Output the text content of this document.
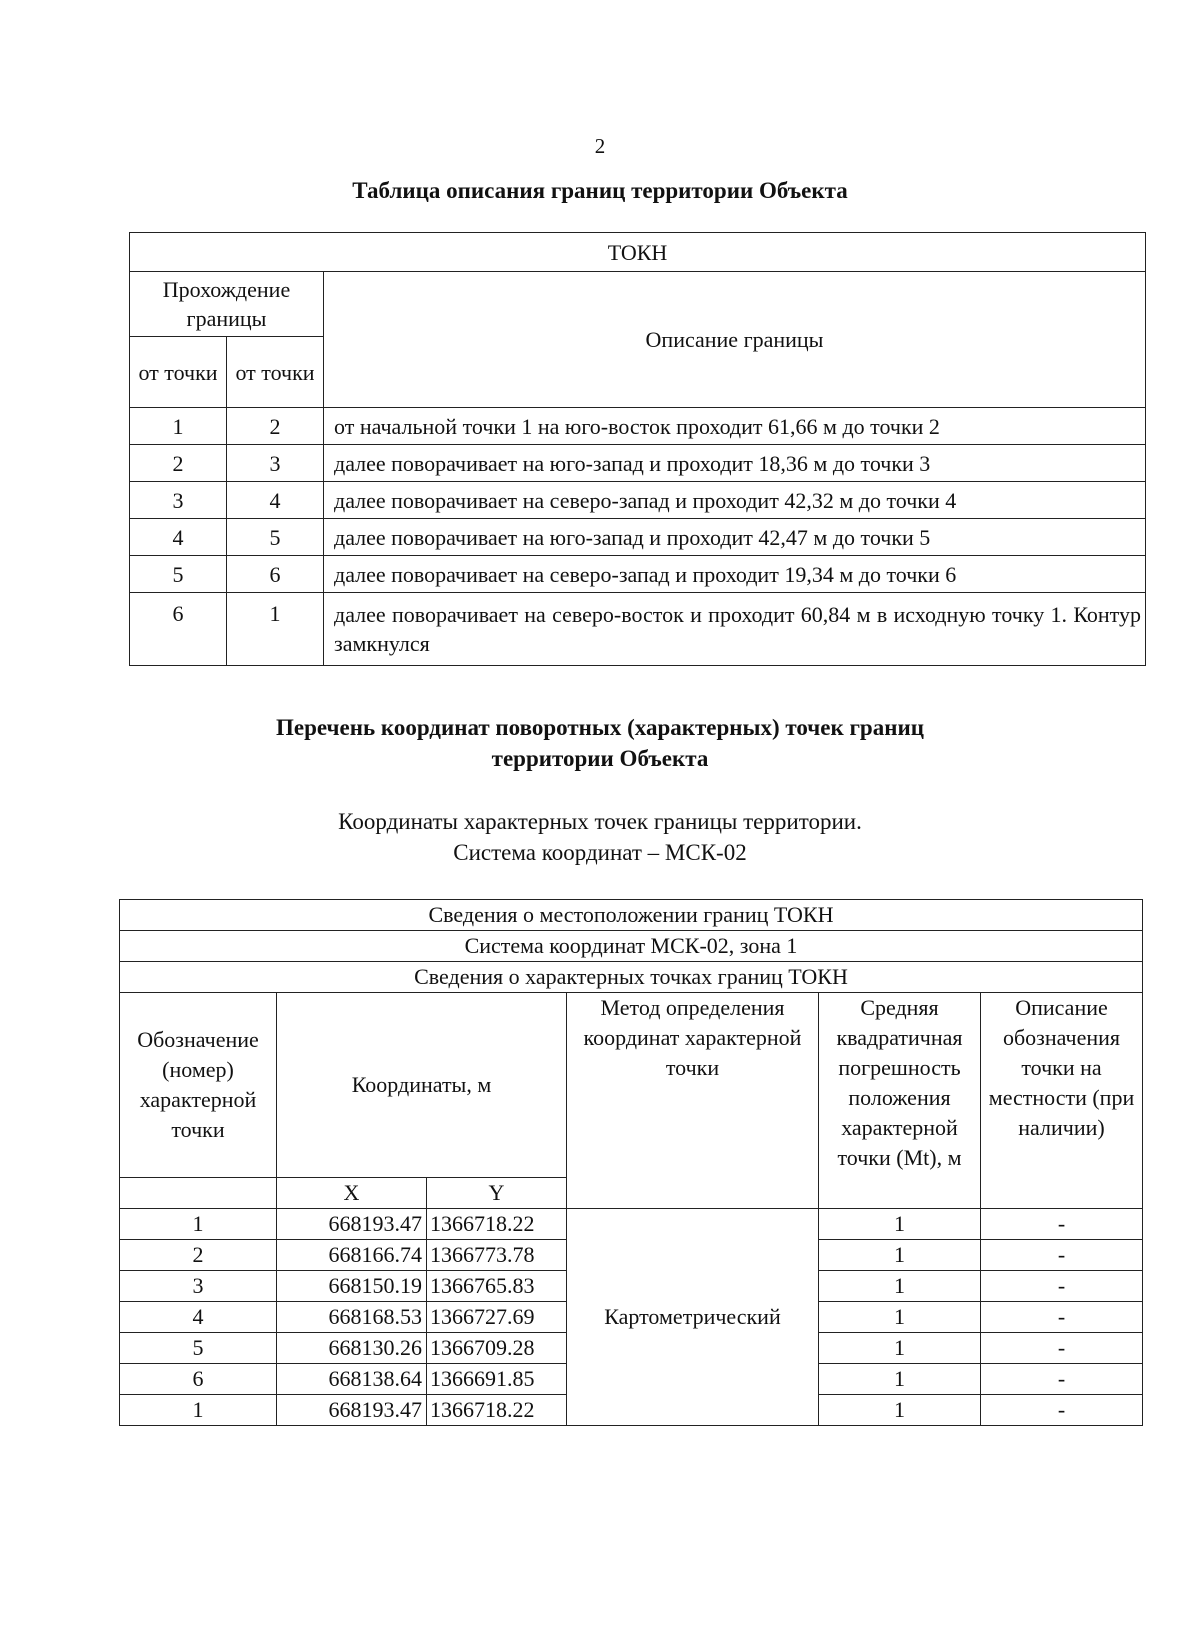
2
Таблица описания границ территории Объекта
ТОКН		
Прохождение границы		Описание границы
от точки	от точки	
1	2	от начальной точки 1 на юго-восток проходит 61,66 м до точки 2
2	3	далее поворачивает на юго-запад и проходит 18,36 м до точки 3
3	4	далее поворачивает на северо-запад и проходит 42,32 м до точки 4
4	5	далее поворачивает на юго-запад и проходит 42,47 м до точки 5
5	6	далее поворачивает на северо-запад и проходит 19,34 м до точки 6
6	1	далее поворачивает на северо-восток и проходит 60,84 м в исходную точку 1. Контур замкнулся
Перечень координат поворотных (характерных) точек границ
территории Объекта
Координаты характерных точек границы территории.
Система координат – МСК-02
Сведения о местоположении границ ТОКН					
Система координат МСК-02, зона 1					
Сведения о характерных точках границ ТОКН					
Обозначение (номер) характерной точки	Координаты, м		Метод определения координат характерной точки	Средняя квадратичная погрешность положения характерной точки (Mt), м	Описание обозначения точки на местности (при наличии)
	X	Y			
1	668193.47	1366718.22	Картометрический	1	-
2	668166.74	1366773.78		1	-
3	668150.19	1366765.83		1	-
4	668168.53	1366727.69		1	-
5	668130.26	1366709.28		1	-
6	668138.64	1366691.85		1	-
1	668193.47	1366718.22		1	-
